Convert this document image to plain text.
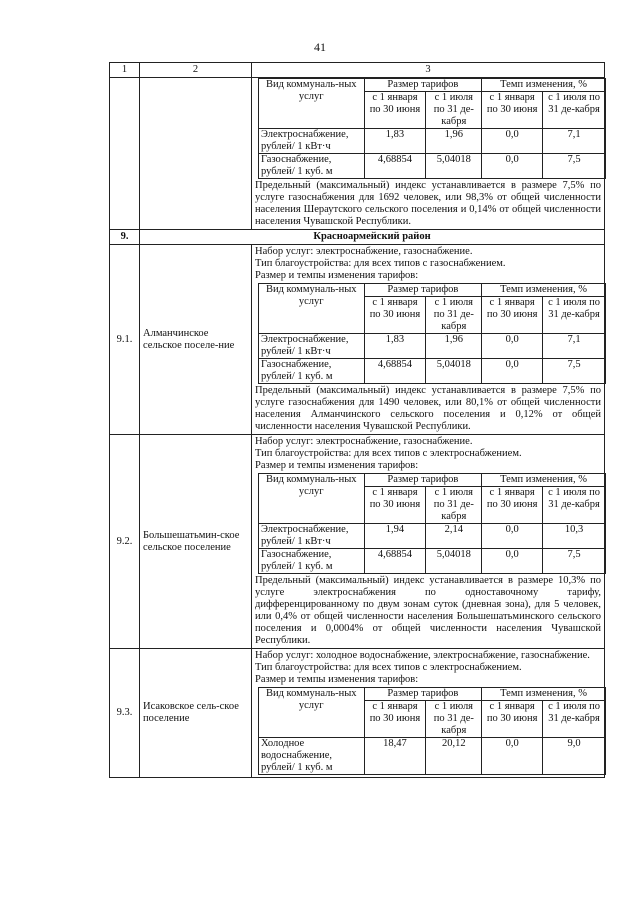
41
1	2	3

Вид коммуналь-ных услуг	Размер тарифов	Темп изменения, %
с 1 января по 30 июня	с 1 июля по 31 де-кабря	с 1 января по 30 июня	с 1 июля по 31 де-кабря
Электроснабжение, рублей/ 1 кВт·ч	1,83	1,96	0,0	7,1
Газоснабжение, рублей/ 1 куб. м	4,68854	5,04018	0,0	7,5

Предельный (максимальный) индекс устанавливается в размере 7,5% по услуге газоснабжения для 1692 человек, или 98,3% от общей численности населения Шераутского сельского поселения и 0,14% от общей численности населения Чувашской Республики.

9.	Красноармейский район
9.1.	Алманчинское сельское поселе-ние	

Набор услуг: электроснабжение, газоснабжение.

Тип благоустройства: для всех типов с газоснабжением.

Размер и темпы изменения тарифов:

Вид коммуналь-ных услуг	Размер тарифов	Темп изменения, %
с 1 января по 30 июня	с 1 июля по 31 де-кабря	с 1 января по 30 июня	с 1 июля по 31 де-кабря
Электроснабжение, рублей/ 1 кВт·ч	1,83	1,96	0,0	7,1
Газоснабжение, рублей/ 1 куб. м	4,68854	5,04018	0,0	7,5

Предельный (максимальный) индекс устанавливается в размере 7,5% по услуге газоснабжения для 1490 человек, или 80,1% от общей численности населения Алманчинского сельского поселения и 0,12% от общей численности населения Чувашской Республики.

9.2.	Большешатьмин-ское сельское поселение	

Набор услуг: электроснабжение, газоснабжение.

Тип благоустройства: для всех типов с электроснабжением.

Размер и темпы изменения тарифов:

Вид коммуналь-ных услуг	Размер тарифов	Темп изменения, %
с 1 января по 30 июня	с 1 июля по 31 де-кабря	с 1 января по 30 июня	с 1 июля по 31 де-кабря
Электроснабжение, рублей/ 1 кВт·ч	1,94	2,14	0,0	10,3
Газоснабжение, рублей/ 1 куб. м	4,68854	5,04018	0,0	7,5

Предельный (максимальный) индекс устанавливается в размере 10,3% по услуге электроснабжения по одноставочному тарифу, дифференцированному по двум зонам суток (дневная зона), для 5 человек, или 0,4% от общей численности населения Большешатьминского сельского поселения и 0,0004% от общей численности населения Чувашской Республики.

9.3.	Исаковское сель-ское поселение	

Набор услуг: холодное водоснабжение, электроснабжение, газоснабжение.

Тип благоустройства: для всех типов с электроснабжением.

Размер и темпы изменения тарифов:

Вид коммуналь-ных услуг	Размер тарифов	Темп изменения, %
с 1 января по 30 июня	с 1 июля по 31 де-кабря	с 1 января по 30 июня	с 1 июля по 31 де-кабря
Холодное водоснабжение, рублей/ 1 куб. м	18,47	20,12	0,0	9,0
